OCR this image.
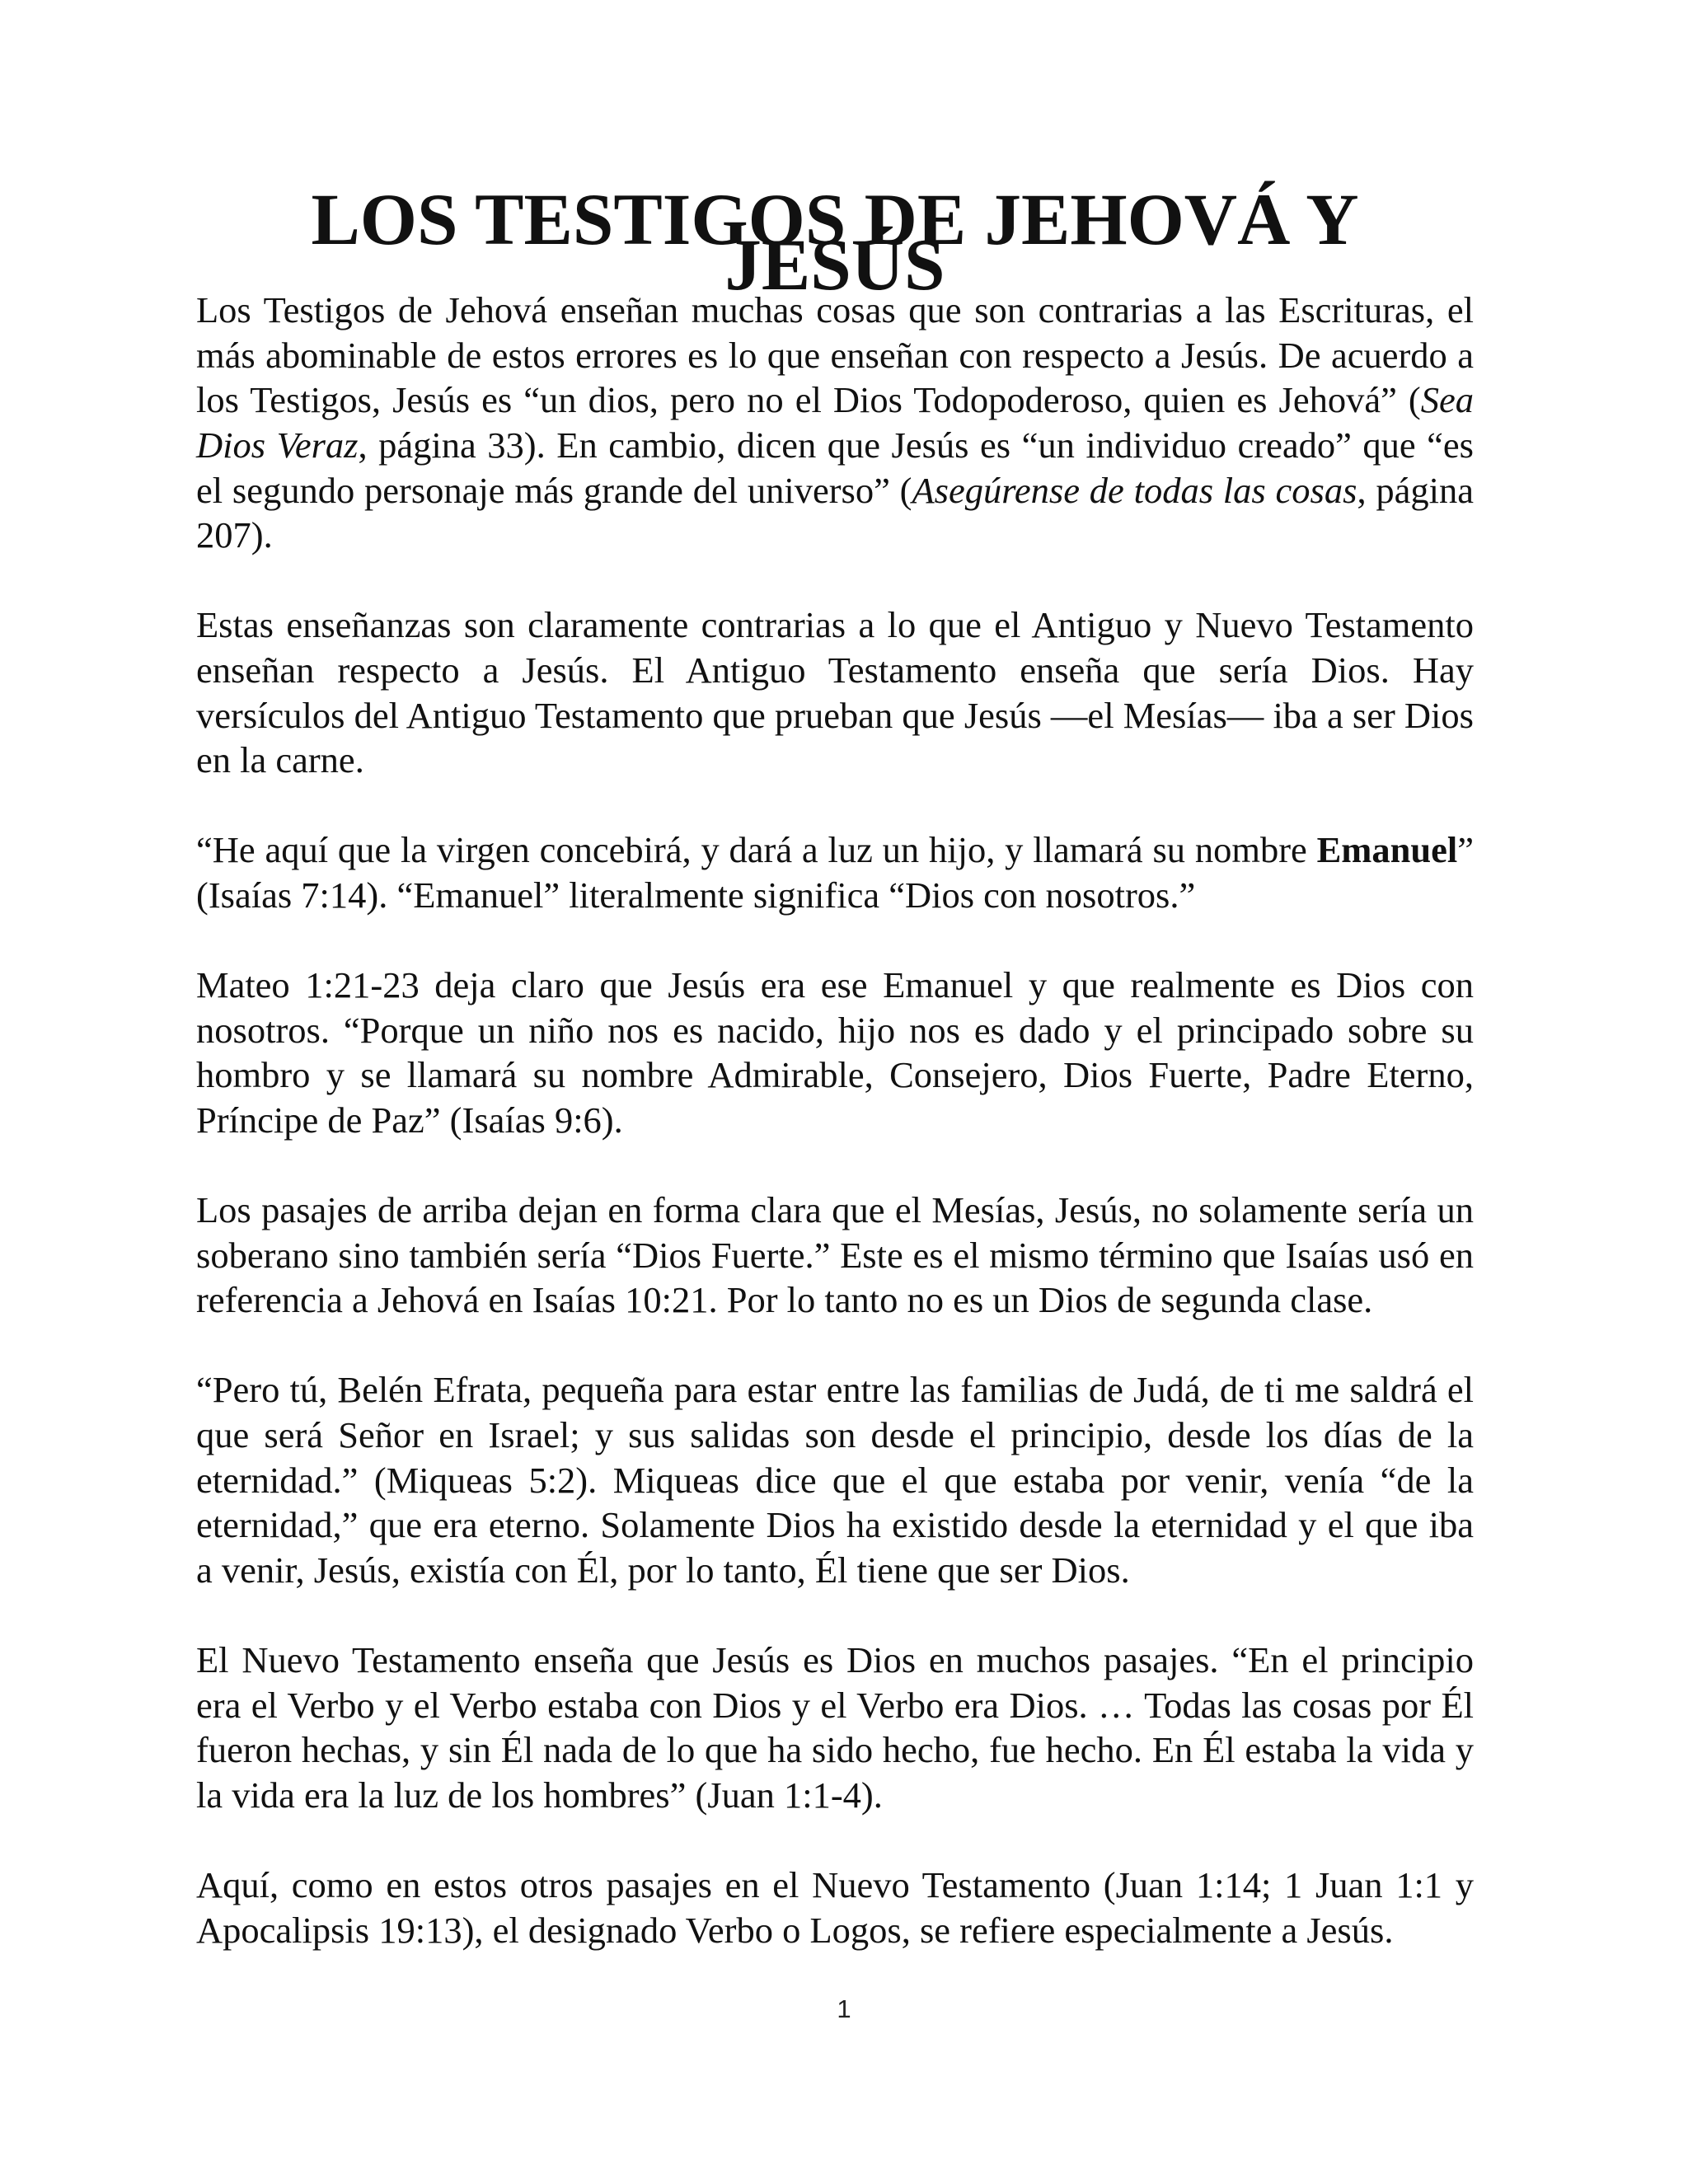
LOS TESTIGOS DE JEHOVÁ Y JESÚS

Los Testigos de Jehová enseñan muchas cosas que son contrarias a las Escrituras, el más abominable de estos errores es lo que enseñan con respecto a Jesús. De acuerdo a los Testigos, Jesús es “un dios, pero no el Dios Todopoderoso, quien es Jehová” (Sea Dios Veraz, página 33). En cambio, dicen que Jesús es “un individuo creado” que “es el segundo personaje más grande del universo” (Asegúrense de todas las cosas, página 207).

Estas enseñanzas son claramente contrarias a lo que el Antiguo y Nuevo Testamento enseñan respecto a Jesús. El Antiguo Testamento enseña que sería Dios. Hay versículos del Antiguo Testamento que prueban que Jesús —el Mesías— iba a ser Dios en la carne.

“He aquí que la virgen concebirá, y dará a luz un hijo, y llamará su nombre Emanuel” (Isaías 7:14). “Emanuel” literalmente significa “Dios con nosotros.”

Mateo 1:21-23 deja claro que Jesús era ese Emanuel y que realmente es Dios con nosotros. “Porque un niño nos es nacido, hijo nos es dado y el principado sobre su hombro y se llamará su nombre Admirable, Consejero, Dios Fuerte, Padre Eterno, Príncipe de Paz” (Isaías 9:6).

Los pasajes de arriba dejan en forma clara que el Mesías, Jesús, no solamente sería un soberano sino también sería “Dios Fuerte.” Este es el mismo término que Isaías usó en referencia a Jehová en Isaías 10:21. Por lo tanto no es un Dios de segunda clase.

“Pero tú, Belén Efrata, pequeña para estar entre las familias de Judá, de ti me saldrá el que será Señor en Israel; y sus salidas son desde el principio, desde los días de la eternidad.” (Miqueas 5:2). Miqueas dice que el que estaba por venir, venía “de la eternidad,” que era eterno. Solamente Dios ha existido desde la eternidad y el que iba a venir, Jesús, existía con Él, por lo tanto, Él tiene que ser Dios.

El Nuevo Testamento enseña que Jesús es Dios en muchos pasajes. “En el principio era el Verbo y el Verbo estaba con Dios y el Verbo era Dios. … Todas las cosas por Él fueron hechas, y sin Él nada de lo que ha sido hecho, fue hecho. En Él estaba la vida y la vida era la luz de los hombres” (Juan 1:1-4).

Aquí, como en estos otros pasajes en el Nuevo Testamento (Juan 1:14; 1 Juan 1:1 y Apocalipsis 19:13), el designado Verbo o Logos, se refiere especialmente a Jesús.

1
